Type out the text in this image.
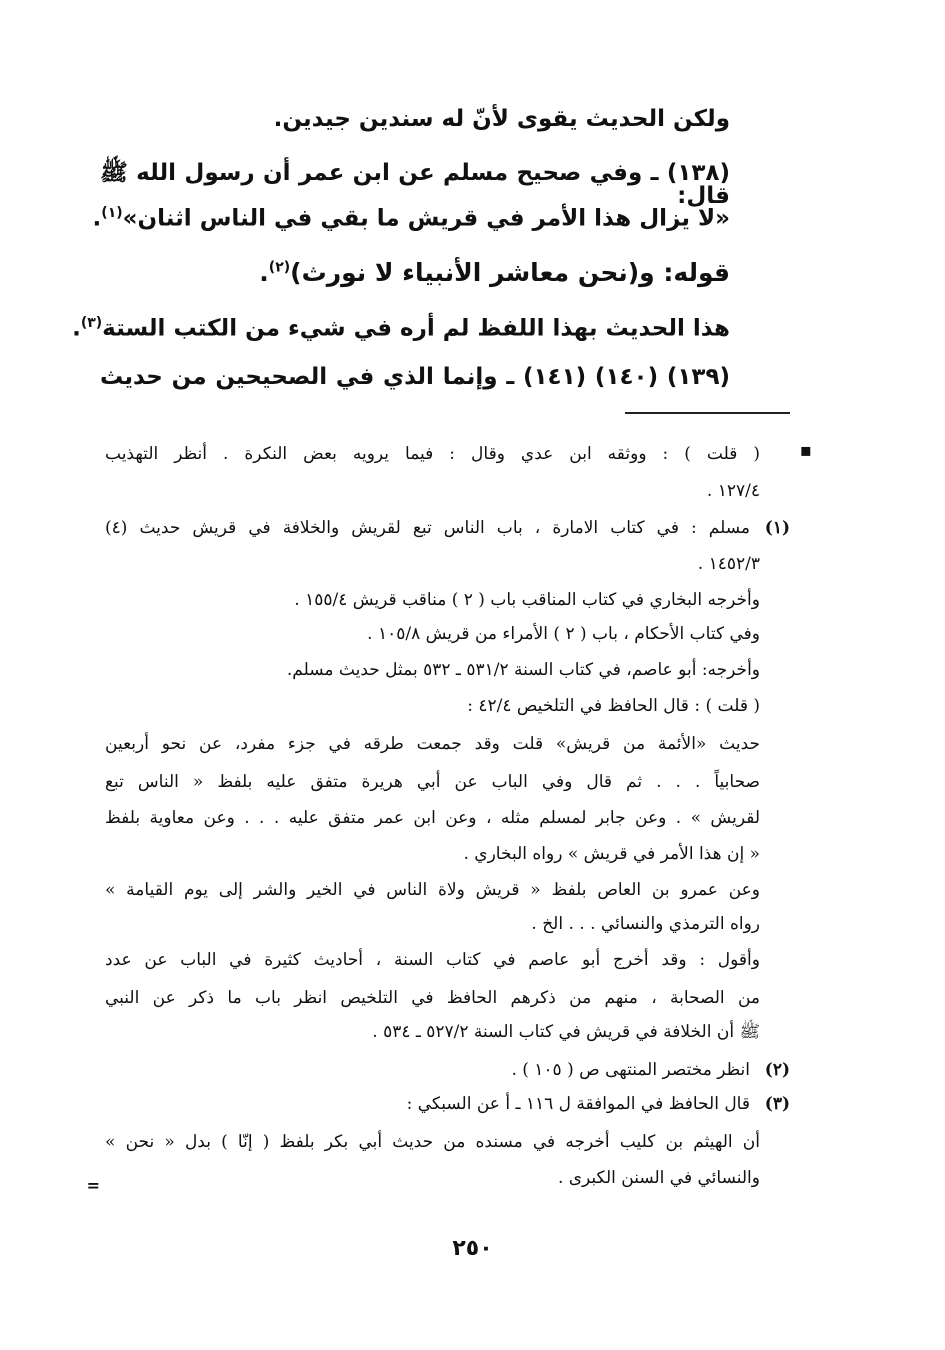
ولكن الحديث يقوى لأنّ له سندين جيدين.
(١٣٨) ـ وفي صحيح مسلم عن ابن عمر أن رسول الله ﷺ قال:
«لا يزال هذا الأمر في قريش ما بقي في الناس اثنان»$^{(١)}$.
قوله: و(نحن معاشر الأنبياء لا نورث)$^{(٢)}$.
هذا الحديث بهذا اللفظ لم أره في شيء من الكتب الستة$^{(٣)}$.
(١٣٩) (١٤٠) (١٤١) ـ وإنما الذي في الصحيحين من حديث
▪
( قلت ) : ووثقه ابن عدي وقال : فيما يرويه بعض النكرة . أنظر التهذيب
١٢٧/٤ .
(١)
مسلم : في كتاب الامارة ، باب الناس تبع لقريش والخلافة في قريش حديث (٤)
١٤٥٢/٣ .
وأخرجه البخاري في كتاب المناقب باب ( ٢ ) مناقب قريش ١٥٥/٤ .
وفي كتاب الأحكام ، باب ( ٢ ) الأمراء من قريش ١٠٥/٨ .
وأخرجه: أبو عاصم، في كتاب السنة ٥٣١/٢ ـ ٥٣٢ بمثل حديث مسلم.
( قلت ) : قال الحافظ في التلخيص ٤٢/٤ :
حديث «الأئمة من قريش» قلت وقد جمعت طرقه في جزء مفرد، عن نحو أربعين
صحابياً . . . ثم قال وفي الباب عن أبي هريرة متفق عليه بلفظ « الناس تبع
لقريش » . وعن جابر لمسلم مثله ، وعن ابن عمر متفق عليه . . . وعن معاوية بلفظ
« إن هذا الأمر في قريش » رواه البخاري .
وعن عمرو بن العاص بلفظ « قريش ولاة الناس في الخير والشر إلى يوم القيامة »
رواه الترمذي والنسائي . . . الخ .
وأقول : وقد أخرج أبو عاصم في كتاب السنة ، أحاديث كثيرة في الباب عن عدد
من الصحابة ، منهم من ذكرهم الحافظ في التلخيص انظر باب ما ذكر عن النبي
ﷺ أن الخلافة في قريش في كتاب السنة ٥٢٧/٢ ـ ٥٣٤ .
(٢)
انظر مختصر المنتهى ص ( ١٠٥ ) .
(٣)
قال الحافظ في الموافقة ل ١١٦ ـ أ عن السبكي :
أن الهيثم بن كليب أخرجه في مسنده من حديث أبي بكر بلفظ ( إنّا ) بدل « نحن »
والنسائي في السنن الكبرى .
=
٢٥٠
